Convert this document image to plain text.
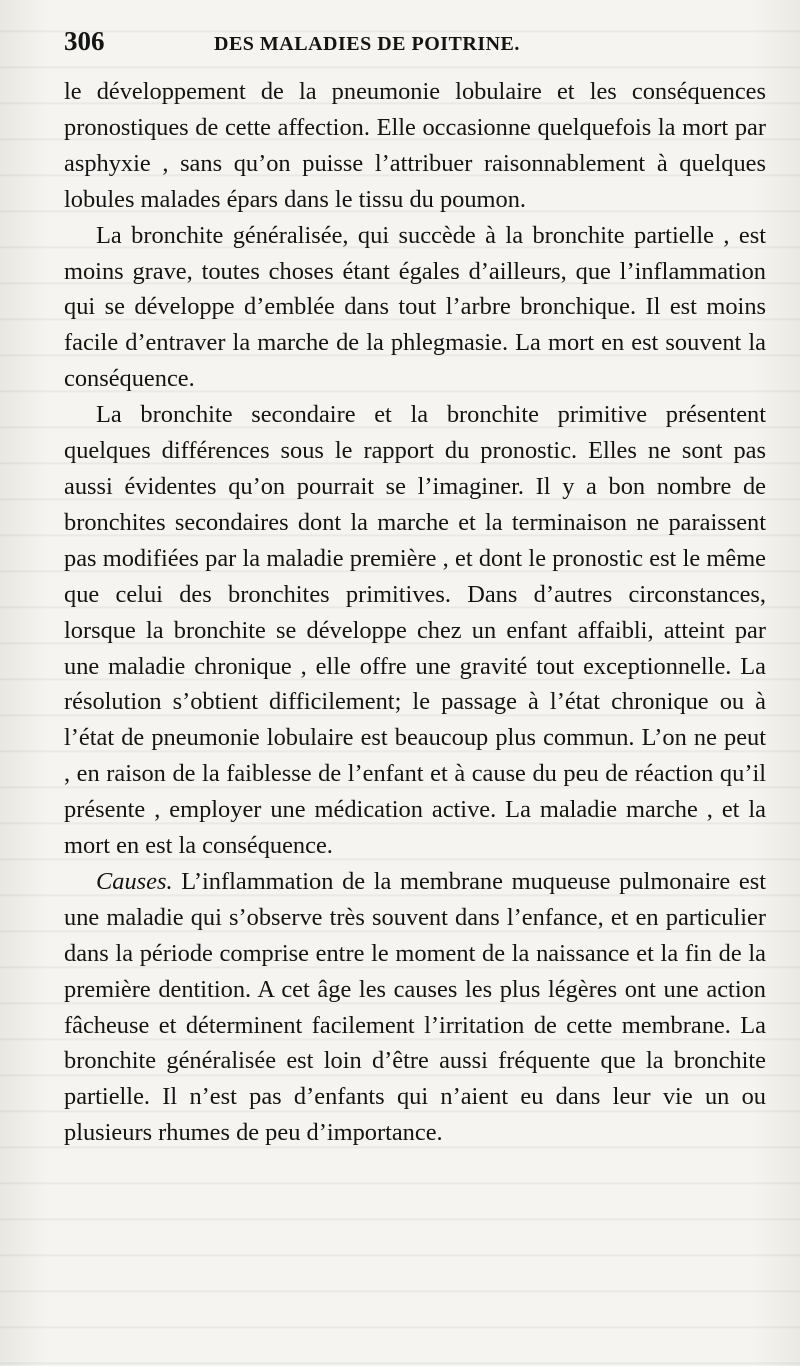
306	DES MALADIES DE POITRINE.

le développement de la pneumonie lobulaire et les conséquences pronostiques de cette affection. Elle occasionne quelquefois la mort par asphyxie , sans qu’on puisse l’attribuer raisonnablement à quelques lobules malades épars dans le tissu du poumon.

La bronchite généralisée, qui succède à la bronchite partielle , est moins grave, toutes choses étant égales d’ailleurs, que l’inflammation qui se développe d’emblée dans tout l’arbre bronchique. Il est moins facile d’entraver la marche de la phlegmasie. La mort en est souvent la conséquence.

La bronchite secondaire et la bronchite primitive présentent quelques différences sous le rapport du pronostic. Elles ne sont pas aussi évidentes qu’on pourrait se l’imaginer. Il y a bon nombre de bronchites secondaires dont la marche et la terminaison ne paraissent pas modifiées par la maladie première , et dont le pronostic est le même que celui des bronchites primitives. Dans d’autres circonstances, lorsque la bronchite se développe chez un enfant affaibli, atteint par une maladie chronique , elle offre une gravité tout exceptionnelle. La résolution s’obtient difficilement; le passage à l’état chronique ou à l’état de pneumonie lobulaire est beaucoup plus commun. L’on ne peut , en raison de la faiblesse de l’enfant et à cause du peu de réaction qu’il présente , employer une médication active. La maladie marche , et la mort en est la conséquence.

Causes. L’inflammation de la membrane muqueuse pulmonaire est une maladie qui s’observe très souvent dans l’enfance, et en particulier dans la période comprise entre le moment de la naissance et la fin de la première dentition. A cet âge les causes les plus légères ont une action fâcheuse et déterminent facilement l’irritation de cette membrane. La bronchite généralisée est loin d’être aussi fréquente que la bronchite partielle. Il n’est pas d’enfants qui n’aient eu dans leur vie un ou plusieurs rhumes de peu d’importance.
